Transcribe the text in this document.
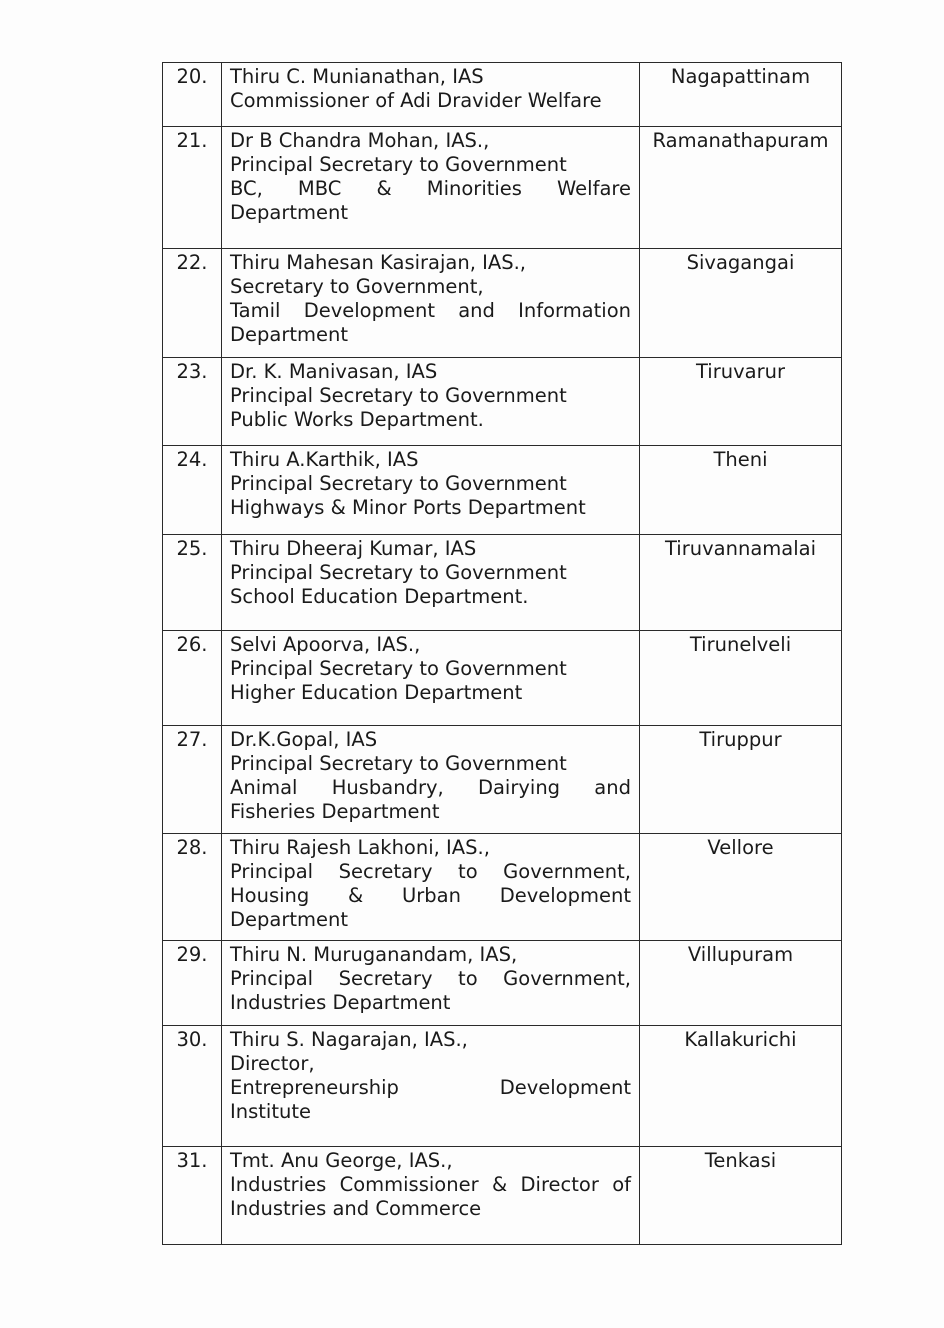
20.	Thiru C. Munianathan, IAS
Commissioner of Adi Dravider Welfare	Nagapattinam
21.	Dr B Chandra Mohan, IAS.,
Principal Secretary to Government
BC, MBC & Minorities Welfare
Department	Ramanathapuram
22.	Thiru Mahesan Kasirajan, IAS.,
Secretary to Government,
Tamil Development and Information
Department	Sivagangai
23.	Dr. K. Manivasan, IAS
Principal Secretary to Government
Public Works Department.	Tiruvarur
24.	Thiru A.Karthik, IAS
Principal Secretary to Government
Highways & Minor Ports Department	Theni
25.	Thiru Dheeraj Kumar, IAS
Principal Secretary to Government
School Education Department.	Tiruvannamalai
26.	Selvi Apoorva, IAS.,
Principal Secretary to Government
Higher Education Department	Tirunelveli
27.	Dr.K.Gopal, IAS
Principal Secretary to Government
Animal Husbandry, Dairying and
Fisheries Department	Tiruppur
28.	Thiru Rajesh Lakhoni, IAS.,
Principal Secretary to Government,
Housing & Urban Development
Department	Vellore
29.	Thiru N. Muruganandam, IAS,
Principal Secretary to Government,
Industries Department	Villupuram
30.	Thiru S. Nagarajan, IAS.,
Director,
Entrepreneurship Development
Institute	Kallakurichi
31.	Tmt. Anu George, IAS.,
Industries Commissioner & Director of
Industries and Commerce	Tenkasi
